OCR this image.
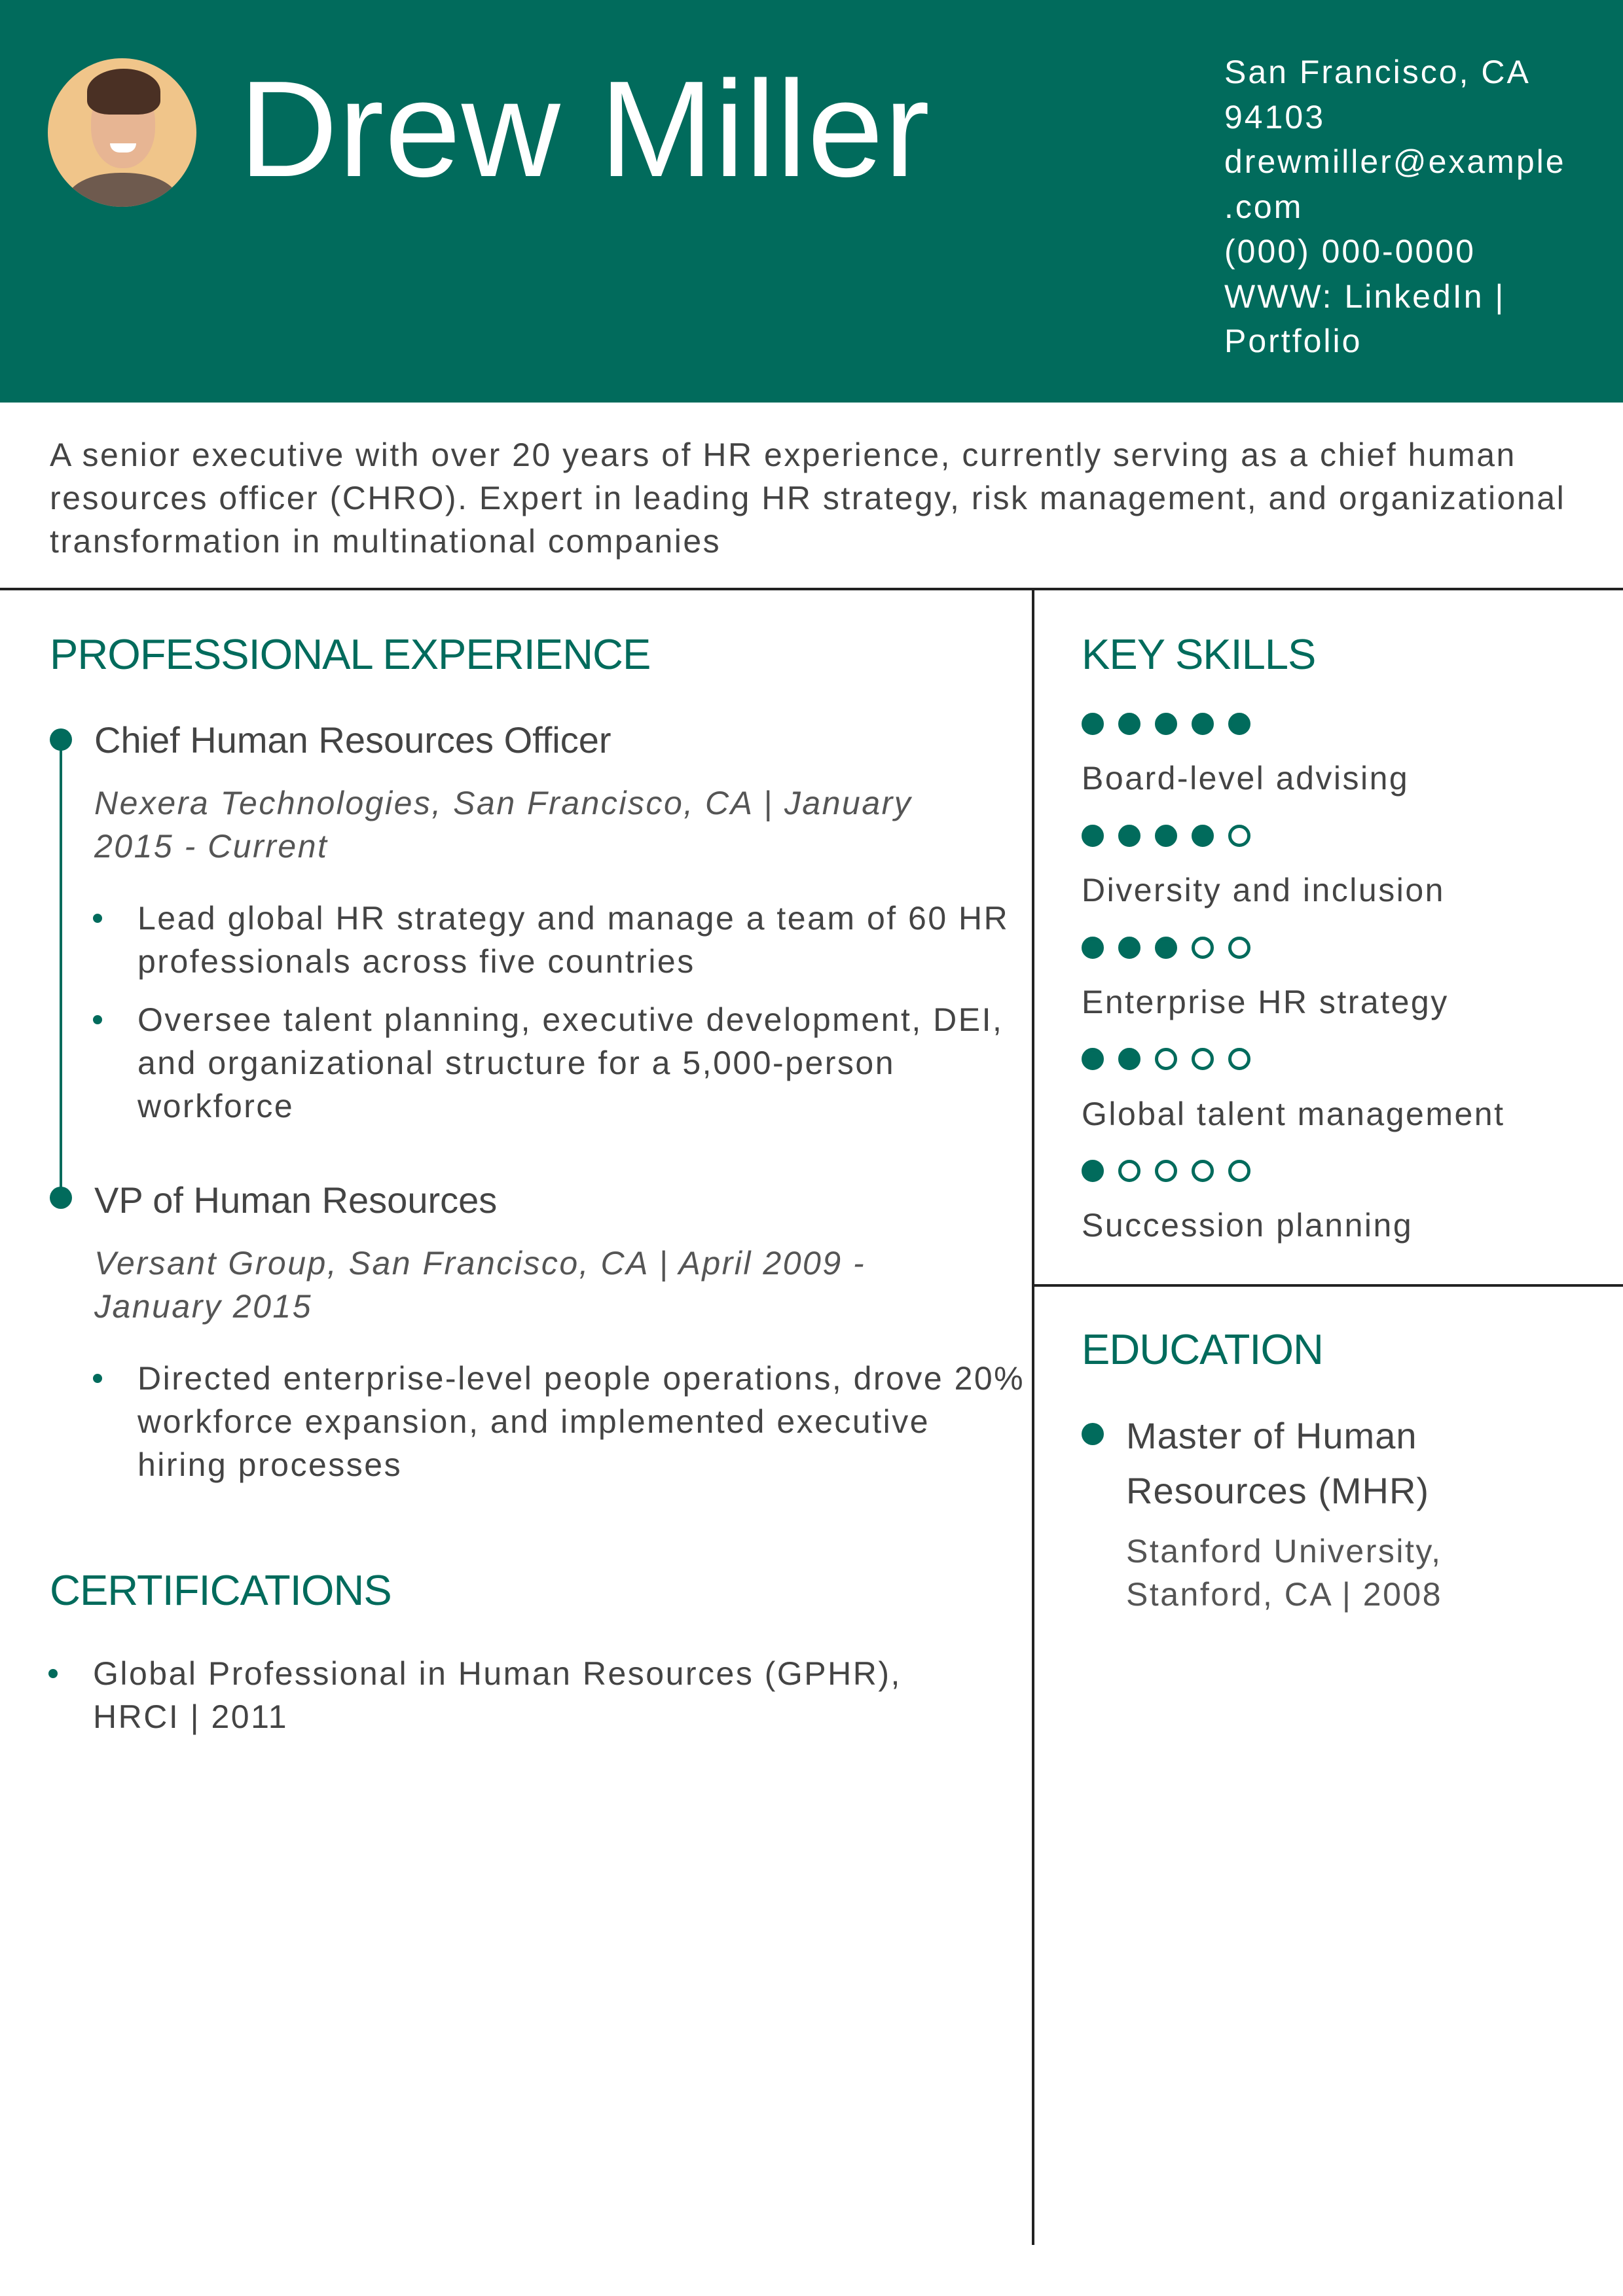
Drew Miller	San Francisco, CA
94103
drewmiller@example
.com
(000) 000-0000
WWW: LinkedIn |
Portfolio
A senior executive with over 20 years of HR experience, currently serving as a chief human resources officer (CHRO). Expert in leading HR strategy, risk management, and organizational transformation in multinational companies
PROFESSIONAL EXPERIENCE
Chief Human Resources Officer
Nexera Technologies, San Francisco, CA | January 2015 - Current
Lead global HR strategy and manage a team of 60 HR professionals across five countries
Oversee talent planning, executive development, DEI, and organizational structure for a 5,000-person workforce
VP of Human Resources
Versant Group, San Francisco, CA | April 2009 - January 2015
Directed enterprise-level people operations, drove 20% workforce expansion, and implemented executive hiring processes
CERTIFICATIONS
Global Professional in Human Resources (GPHR), HRCI | 2011
KEY SKILLS
Board-level advising
Diversity and inclusion
Enterprise HR strategy
Global talent management
Succession planning
EDUCATION
Master of Human Resources (MHR)
Stanford University, Stanford, CA | 2008
